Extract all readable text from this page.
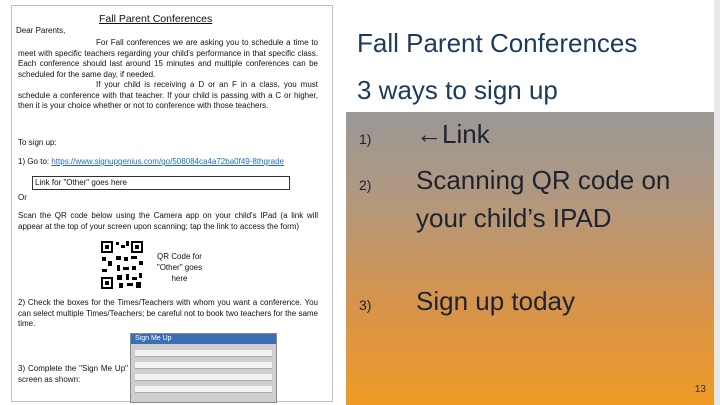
Fall Parent Conferences
Dear Parents,
For Fall conferences we are asking you to schedule a time to meet with specific teachers regarding your child's performance in that specific class. Each conference should last around 15 minutes and multiple conferences can be scheduled for the same day, if needed.
If your child is receiving a D or an F in a class, you must schedule a conference with that teacher. If your child is passing with a C or higher, then it is your choice whether or not to conference with those teachers.
To sign up:
1) Go to: https://www.signupgenius.com/go/508084ca4a72ba0f49-8thgrade
Link for "Other" goes here
Or
Scan the QR code below using the Camera app on your child's IPad (a link will appear at the top of your screen upon scanning; tap the link to access the form)
QR Code for "Other" goes here
2) Check the boxes for the Times/Teachers with whom you want a conference. You can select multiple Times/Teachers; be careful not to book two teachers for the same time.
3) Complete the "Sign Me Up" screen as shown:
Sign Me Up
Fall Parent Conferences
3 ways to sign up
1) ←Link
2) Scanning QR code on your child’s IPAD
3) Sign up today
13
